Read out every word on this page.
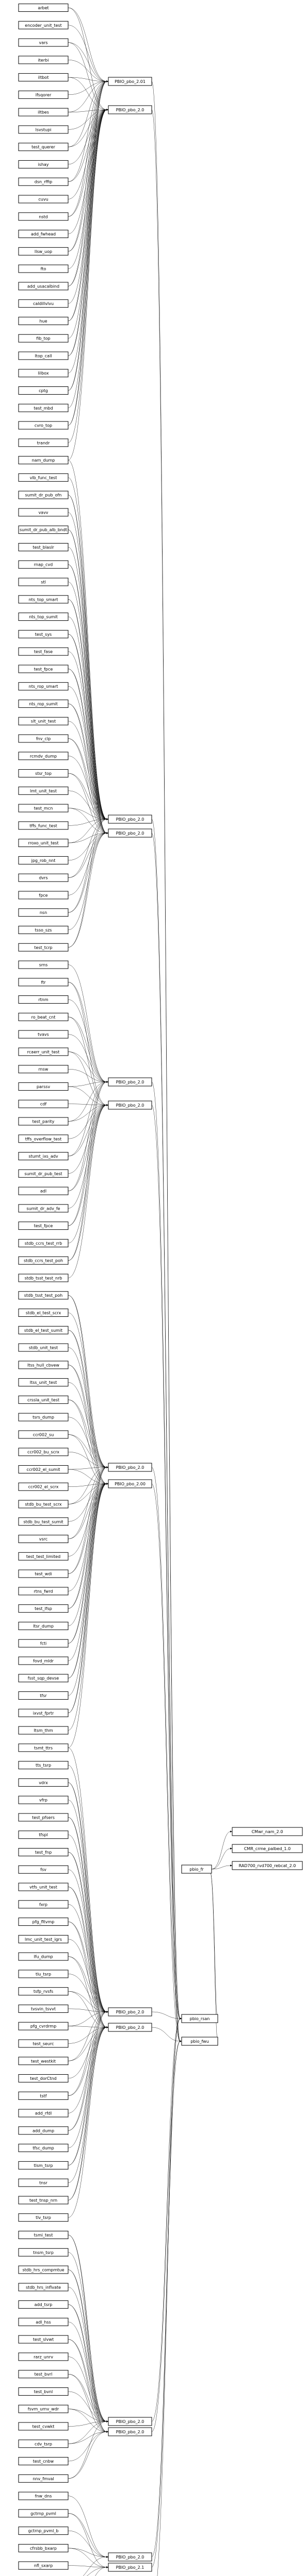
arbet
encoder_unit_test
vars
iterbi
iltbot
lfsqorer
iltbes
lsvstupi
test_querer
ishay
dsn_rffip
cuvu
nstd
add_fwhead
llsw_uop
fto
add_usacalbind
caldillvlvu
hue
fib_top
ltop_call
lilbox
cptg
test_mbd
cvro_top
trandr
nam_dump
vlb_func_test
sumit_dr_pub_ofn
vavv
sumit_dr_pub_alb_bndt
test_blaslr
rnap_cvd
stl
nts_top_smart
nts_top_sumit
test_sys
test_fase
test_fpce
nts_rop_smart
nts_rop_sumit
slt_unit_test
fnv_clp
rcmdv_dump
stsr_top
lmt_unit_test
test_mcn
tffs_func_test
rroxo_unit_test
jpg_rob_nnt
dvrs
fpce
nsn
tsso_szs
test_tcrp
srns
ftr
rtnm
ro_beat_cnt
tvavs
rcaerr_unit_test
rnsw
parssv
cdf
test_parity
tffs_overflow_test
stumt_ixs_adv
sumit_dr_pub_test
adl
sumit_dr_adv_fe
test_fpce
stdb_ccrs_test_rrb
stdb_ccrs_test_poh
stdb_tsst_test_nrb
stdb_tsst_test_poh
stdb_el_test_scrx
stdb_el_test_sumit
stdb_unit_test
ltss_hull_cbvew
ltss_unit_test
crssla_unit_test
tsrs_dump
ccr002_su
ccr002_bu_scrx
ccr002_el_sumit
ccr002_el_scrx
stdb_bu_test_scrx
stdb_bu_test_sumit
vsrc
test_test_limited
test_wdi
rtns_fwrd
test_lfsp
ltsr_dump
fcti
fovd_mldr
fsst_sqp_devse
tfsr
ixvst_fprtr
ltsm_thm
tsmt_ttrs
tts_tsrp
vdrx
vfrp
test_pfsers
tfspl
test_fnp
fsv
vtfs_unit_test
fxrp
pfg_fltvmp
lmc_unit_test_igrs
lfu_dump
tlu_tsrp
tsfp_rvsfs
tvsvin_tsvvt
pfg_cvrdrmp
test_seurc
test_westkit
test_dorCtnd
tstf
add_rfdl
add_dump
tfsc_dump
tlsm_tsrp
tnsr
test_tnsp_nrn
tlv_tsrp
tsmi_test
tnsm_tsrp
stdb_hrs_compmtue
stdb_hrs_inflvate
add_tsrp
adl_hss
test_slvwt
rarz_unrv
test_bvrl
test_bvnl
fsvm_urnv_wdr
test_cvwkt
cdv_tsrp
test_cnbw
nnv_fmval
fnw_dns
gctrnp_pvml
gctrnp_pvml_b
cfrsbb_bxarp
nfl_sxarp
PBIO_pbo_2.01
PBIO_pbo_2.0
PBIO_pbo_2.0
PBIO_pbo_2.0
PBIO_pbo_2.0
PBIO_pbo_2.0
PBIO_pbo_2.0
PBIO_pbo_2.00
PBIO_pbo_2.0
PBIO_pbo_2.0
PBIO_pbo_2.0
PBIO_pbo_2.0
PBIO_pbo_2.0
PBIO_pbo_2.1
pbio_rsan
pbio_fwu
pbio_fr
CMwr_nam_2.0
CMR_crme_palbed_1.0
RAD700_rvd700_rebcat_2.0
